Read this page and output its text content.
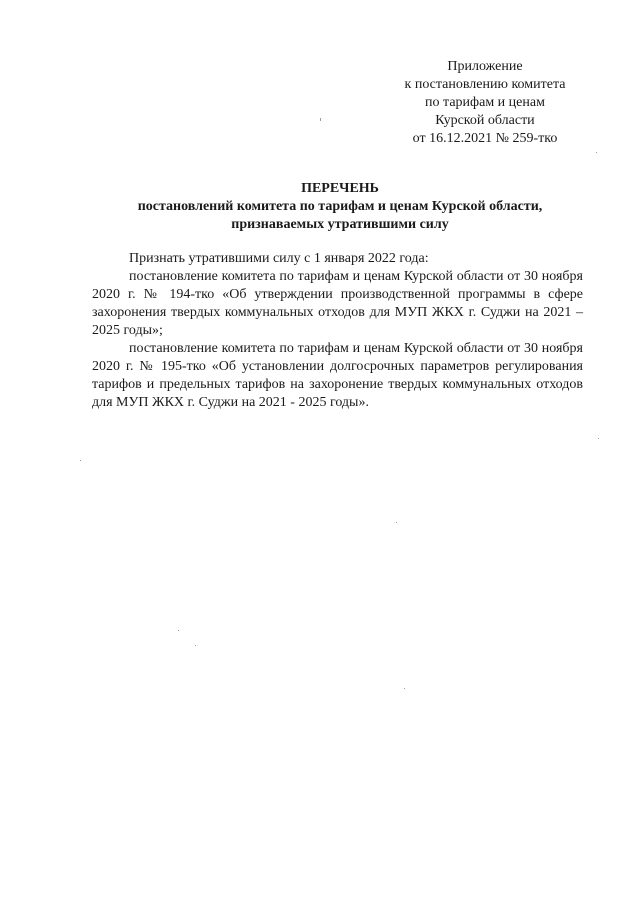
Приложение
к постановлению комитета
по тарифам и ценам
Курской области
от 16.12.2021 № 259-тко
ПЕРЕЧЕНЬ
постановлений комитета по тарифам и ценам Курской области,
признаваемых утратившими силу

Признать утратившими силу с 1 января 2022 года:

постановление комитета по тарифам и ценам Курской области от 30 ноября 2020 г. № 194-тко «Об утверждении производственной программы в сфере захоронения твердых коммунальных отходов для МУП ЖКХ г. Суджи на 2021 – 2025 годы»;

постановление комитета по тарифам и ценам Курской области от 30 ноября 2020 г. № 195-тко «Об установлении долгосрочных параметров регулирования тарифов и предельных тарифов на захоронение твердых коммунальных отходов для МУП ЖКХ г. Суджи на 2021 - 2025 годы».
